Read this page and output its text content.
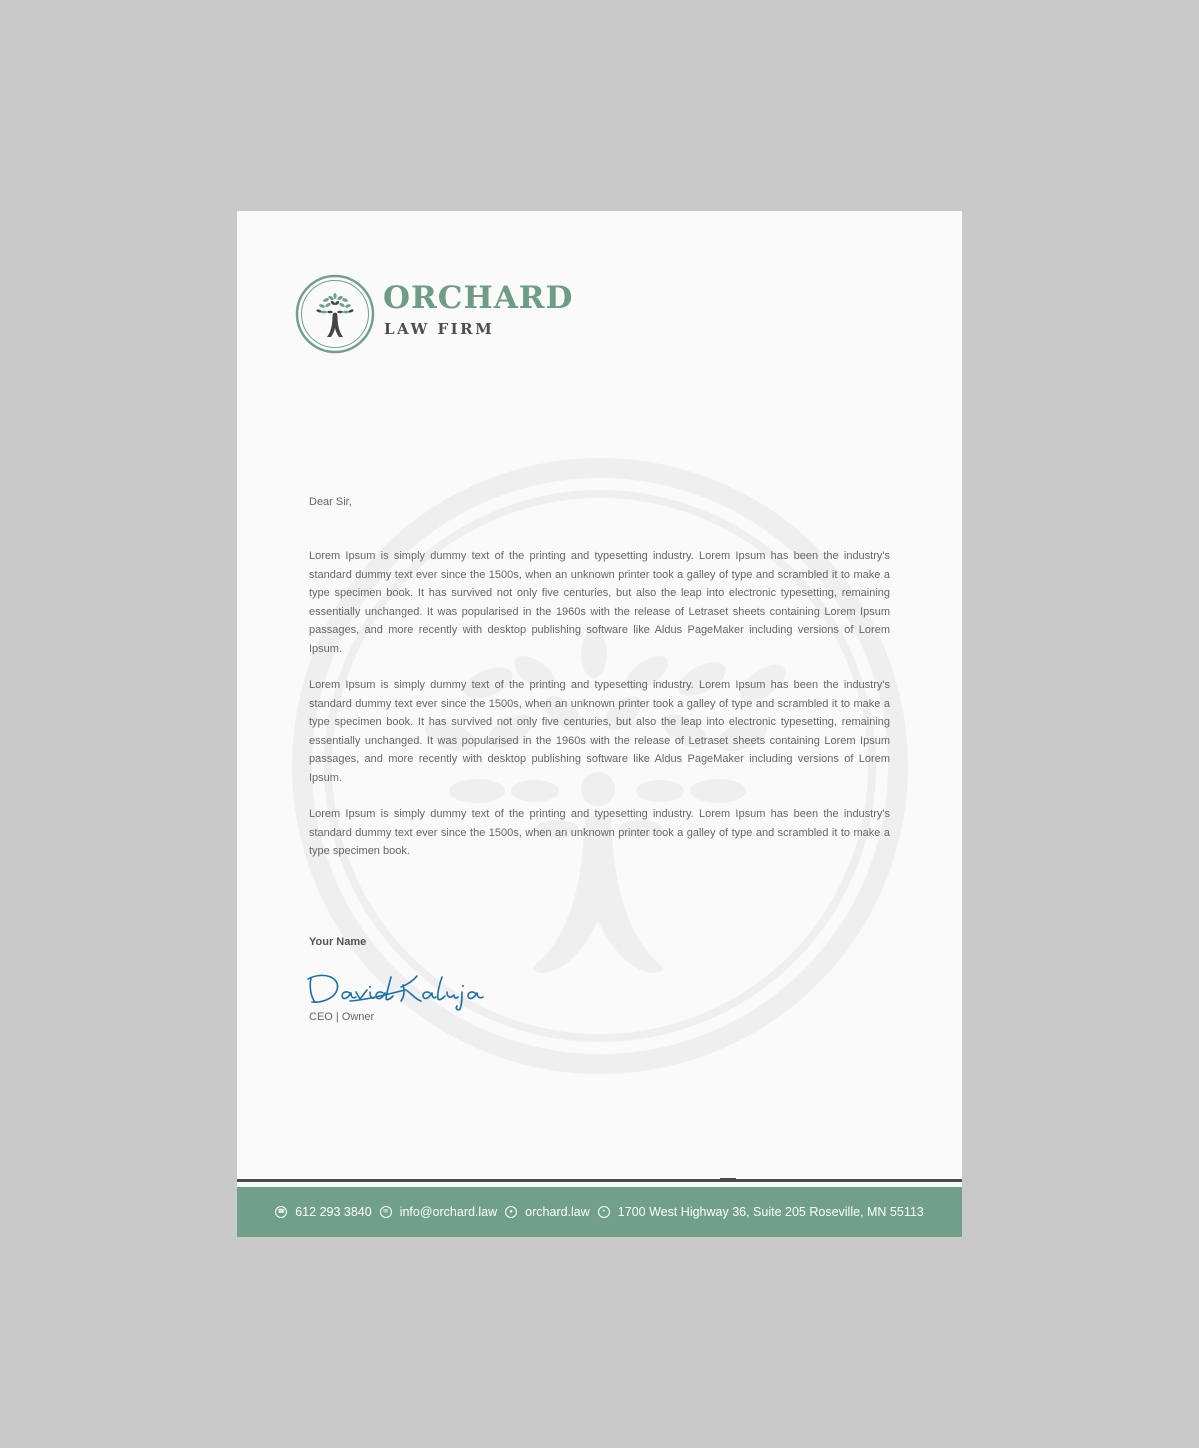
ORCHARD
LAW FIRM
Dear Sir,
Lorem Ipsum is simply dummy text of the printing and typesetting industry. Lorem Ipsum has been the industry's standard dummy text ever since the 1500s, when an unknown printer took a galley of type and scrambled it to make a type specimen book. It has survived not only five centuries, but also the leap into electronic typesetting, remaining essentially unchanged. It was popularised in the 1960s with the release of Letraset sheets containing Lorem Ipsum passages, and more recently with desktop publishing software like Aldus PageMaker including versions of Lorem Ipsum.
Lorem Ipsum is simply dummy text of the printing and typesetting industry. Lorem Ipsum has been the industry's standard dummy text ever since the 1500s, when an unknown printer took a galley of type and scrambled it to make a type specimen book. It has survived not only five centuries, but also the leap into electronic typesetting, remaining essentially unchanged. It was popularised in the 1960s with the release of Letraset sheets containing Lorem Ipsum passages, and more recently with desktop publishing software like Aldus PageMaker including versions of Lorem Ipsum.
Lorem Ipsum is simply dummy text of the printing and typesetting industry. Lorem Ipsum has been the industry's standard dummy text ever since the 1500s, when an unknown printer took a galley of type and scrambled it to make a type specimen book.
Your Name
CEO | Owner
☎ 612 293 3840	✉ info@orchard.law	● orchard.law	•	1700 West Highway 36, Suite 205 Roseville, MN 55113
